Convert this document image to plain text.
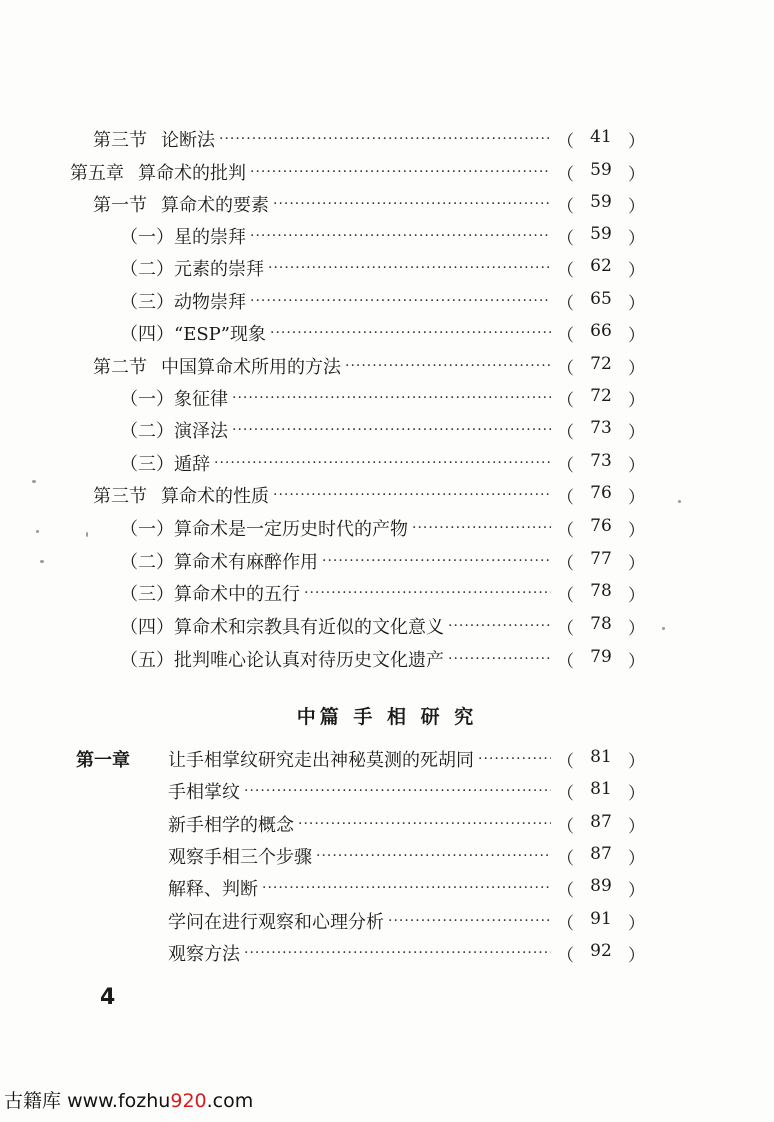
第三节 论断法 ·····	（ 41 ）
第五章 算命术的批判 ·····	（ 59 ）
第一节 算命术的要素 ·····	（ 59 ）
（一） 星的崇拜 ·····	（ 59 ）
（二） 元素的崇拜 ·····	（ 62 ）
（三） 动物崇拜 ·····	（ 65 ）
（四） “ESP”现象 ·····	（ 66 ）
第二节 中国算命术所用的方法 ·····	（ 72 ）
（一） 象征律 ·····	（ 72 ）
（二） 演泽法 ·····	（ 73 ）
（三） 遁辞 ·····	（ 73 ）
第三节 算命术的性质 ·····	（ 76 ）
（一） 算命术是一定历史时代的产物 ·····	（ 76 ）
（二） 算命术有麻醉作用 ·····	（ 77 ）
（三） 算命术中的五行 ·····	（ 78 ）
（四） 算命术和宗教具有近似的文化意义 ·····	（ 78 ）
（五） 批判唯心论认真对待历史文化遗产 ·····	（ 79 ）
中篇 手 相 研 究
第一章	让手相掌纹研究走出神秘莫测的死胡同 ·····	（ 81 ）
手相掌纹 ·····	（ 81 ）
新手相学的概念 ·····	（ 87 ）
观察手相三个步骤 ·····	（ 87 ）
解释、判断 ·····	（ 89 ）
学问在进行观察和心理分析 ·····	（ 91 ）
观察方法 ·····	（ 92 ）
4
古籍库 www.fozhu920.com
